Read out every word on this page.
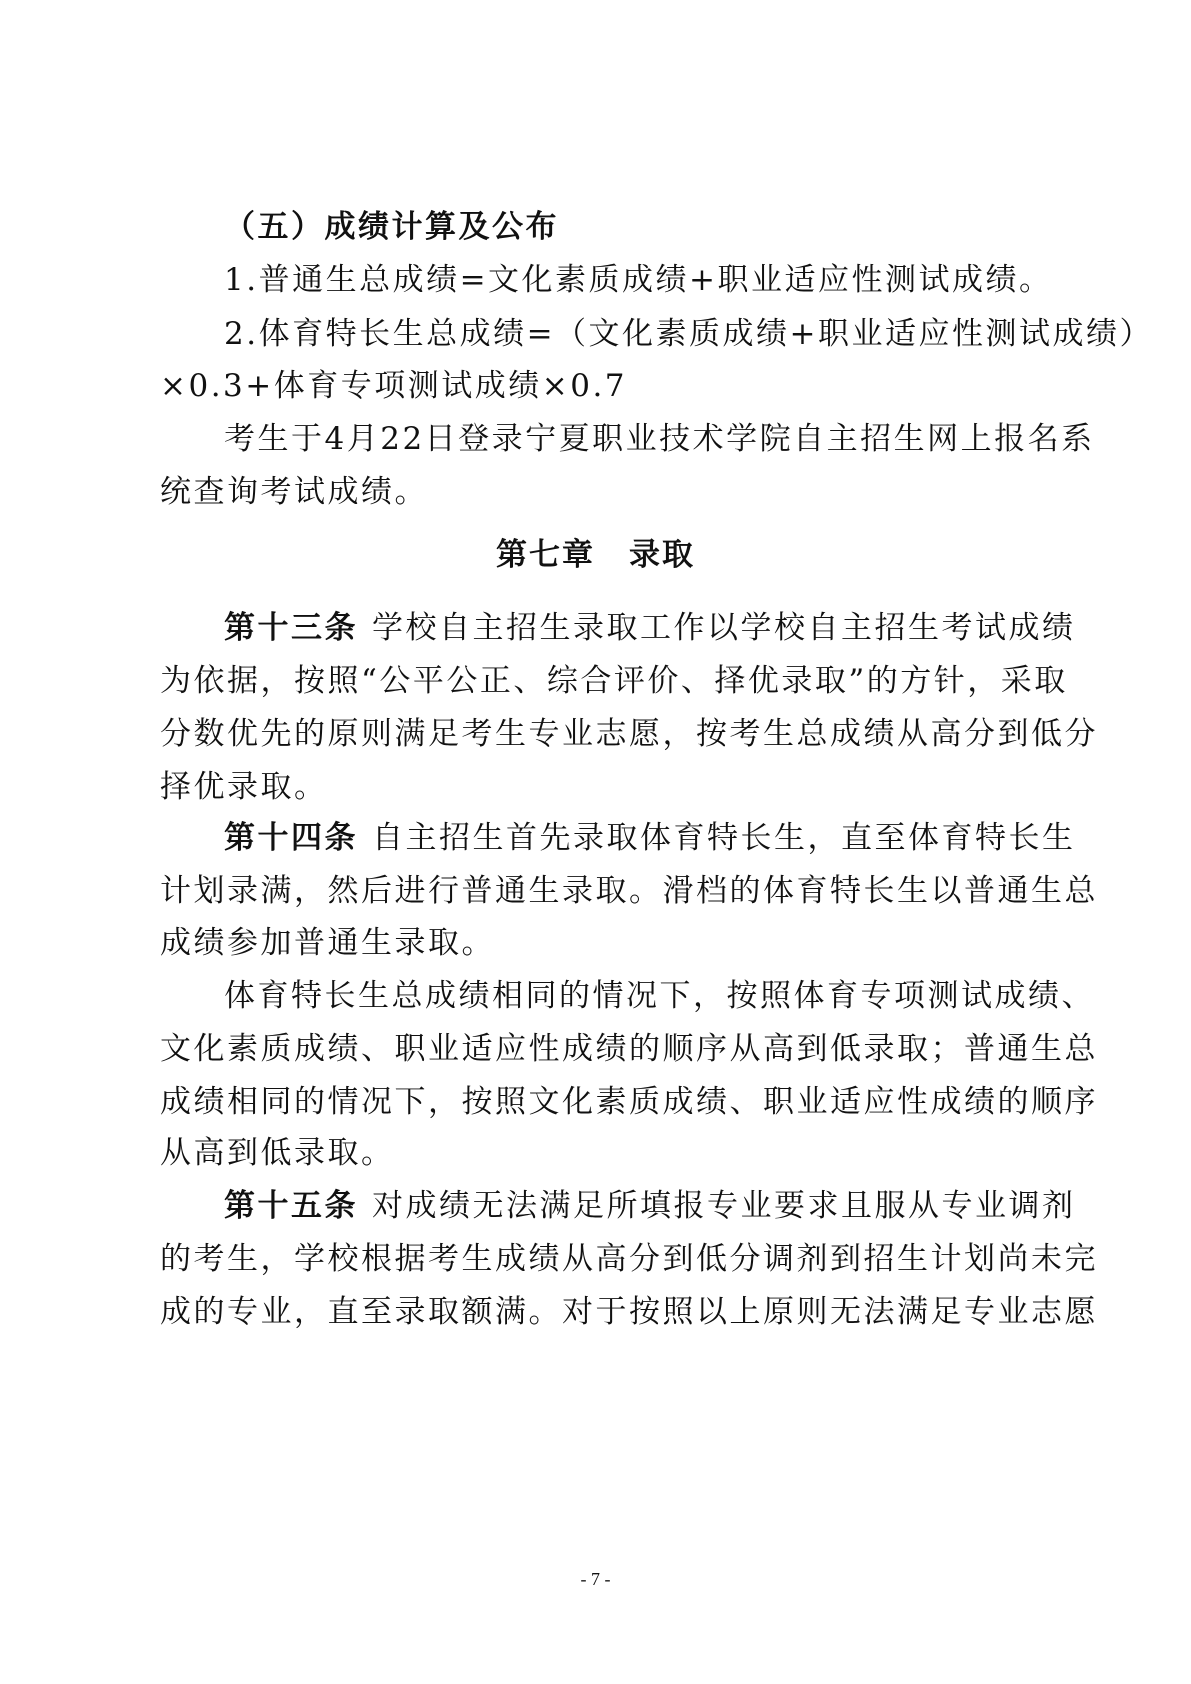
（五）成绩计算及公布
1.普通生总成绩=文化素质成绩+职业适应性测试成绩。
2.体育特长生总成绩=（文化素质成绩+职业适应性测试成绩）
×0.3+体育专项测试成绩×0.7
考生于4月22日登录宁夏职业技术学院自主招生网上报名系
统查询考试成绩。
第七章 录取
第十三条 学校自主招生录取工作以学校自主招生考试成绩
为依据，按照“公平公正、综合评价、择优录取”的方针，采取
分数优先的原则满足考生专业志愿，按考生总成绩从高分到低分
择优录取。
第十四条 自主招生首先录取体育特长生，直至体育特长生
计划录满，然后进行普通生录取。滑档的体育特长生以普通生总
成绩参加普通生录取。
体育特长生总成绩相同的情况下，按照体育专项测试成绩、
文化素质成绩、职业适应性成绩的顺序从高到低录取；普通生总
成绩相同的情况下，按照文化素质成绩、职业适应性成绩的顺序
从高到低录取。
第十五条 对成绩无法满足所填报专业要求且服从专业调剂
的考生，学校根据考生成绩从高分到低分调剂到招生计划尚未完
成的专业，直至录取额满。对于按照以上原则无法满足专业志愿
- 7 -
